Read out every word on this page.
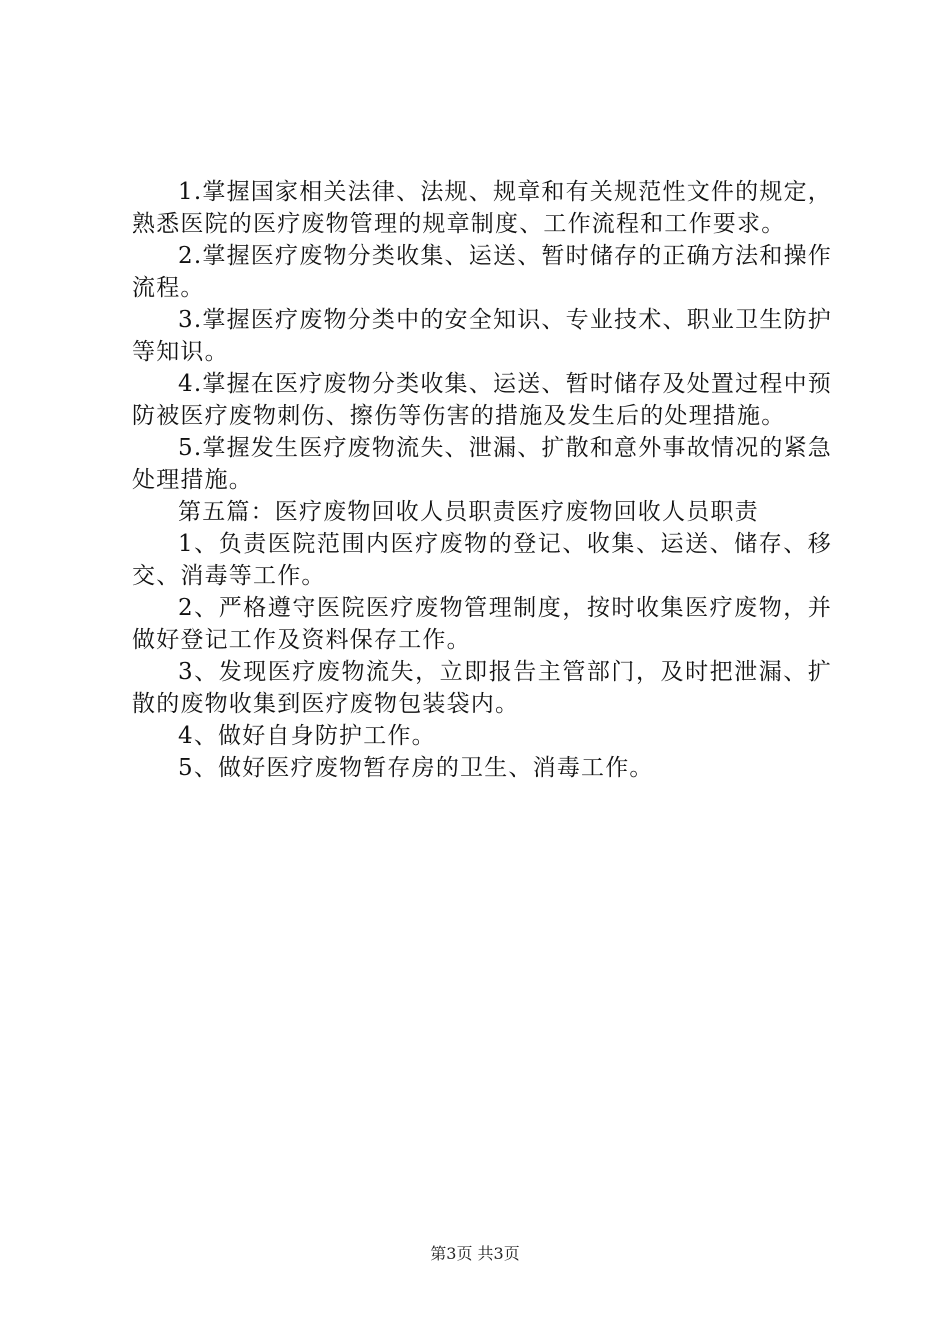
1.掌握国家相关法律、法规、规章和有关规范性文件的规定，熟悉医院的医疗废物管理的规章制度、工作流程和工作要求。

2.掌握医疗废物分类收集、运送、暂时储存的正确方法和操作流程。

3.掌握医疗废物分类中的安全知识、专业技术、职业卫生防护等知识。

4.掌握在医疗废物分类收集、运送、暂时储存及处置过程中预防被医疗废物刺伤、擦伤等伤害的措施及发生后的处理措施。

5.掌握发生医疗废物流失、泄漏、扩散和意外事故情况的紧急处理措施。

第五篇：医疗废物回收人员职责医疗废物回收人员职责

1、负责医院范围内医疗废物的登记、收集、运送、储存、移交、消毒等工作。

2、严格遵守医院医疗废物管理制度，按时收集医疗废物，并做好登记工作及资料保存工作。

3、发现医疗废物流失，立即报告主管部门，及时把泄漏、扩散的废物收集到医疗废物包装袋内。

4、做好自身防护工作。

5、做好医疗废物暂存房的卫生、消毒工作。

第3页 共3页
